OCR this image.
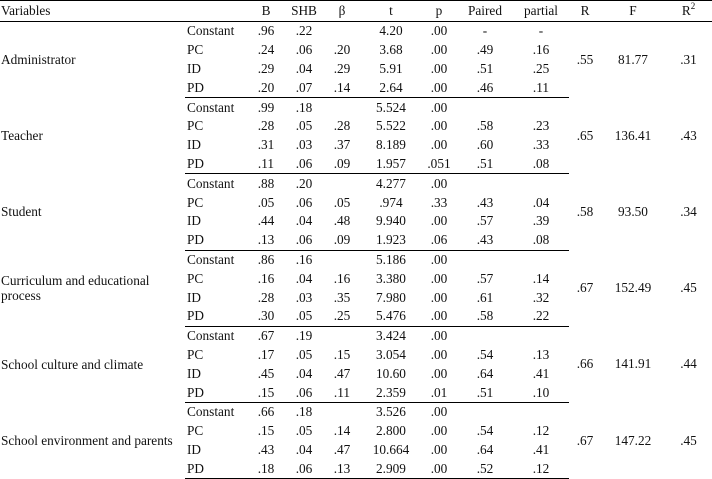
Variables		B	SHB	β	t	p	Paired	partial	R	F	$R^2$
Administrator	Constant	.96	.22		4.20	.00	-	-	.55	81.77	.31
	PC	.24	.06	.20	3.68	.00	.49	.16			
	ID	.29	.04	.29	5.91	.00	.51	.25			
	PD	.20	.07	.14	2.64	.00	.46	.11			
Teacher	Constant	.99	.18		5.524	.00			.65	136.41	.43
	PC	.28	.05	.28	5.522	.00	.58	.23			
	ID	.31	.03	.37	8.189	.00	.60	.33			
	PD	.11	.06	.09	1.957	.051	.51	.08			
Student	Constant	.88	.20		4.277	.00			.58	93.50	.34
	PC	.05	.06	.05	.974	.33	.43	.04			
	ID	.44	.04	.48	9.940	.00	.57	.39			
	PD	.13	.06	.09	1.923	.06	.43	.08			
Curriculum and educational process	Constant	.86	.16		5.186	.00			.67	152.49	.45
	PC	.16	.04	.16	3.380	.00	.57	.14			
	ID	.28	.03	.35	7.980	.00	.61	.32			
	PD	.30	.05	.25	5.476	.00	.58	.22			
School culture and climate	Constant	.67	.19		3.424	.00			.66	141.91	.44
	PC	.17	.05	.15	3.054	.00	.54	.13			
	ID	.45	.04	.47	10.60	.00	.64	.41			
	PD	.15	.06	.11	2.359	.01	.51	.10			
School environment and parents	Constant	.66	.18		3.526	.00			.67	147.22	.45
	PC	.15	.05	.14	2.800	.00	.54	.12			
	ID	.43	.04	.47	10.664	.00	.64	.41			
	PD	.18	.06	.13	2.909	.00	.52	.12			
